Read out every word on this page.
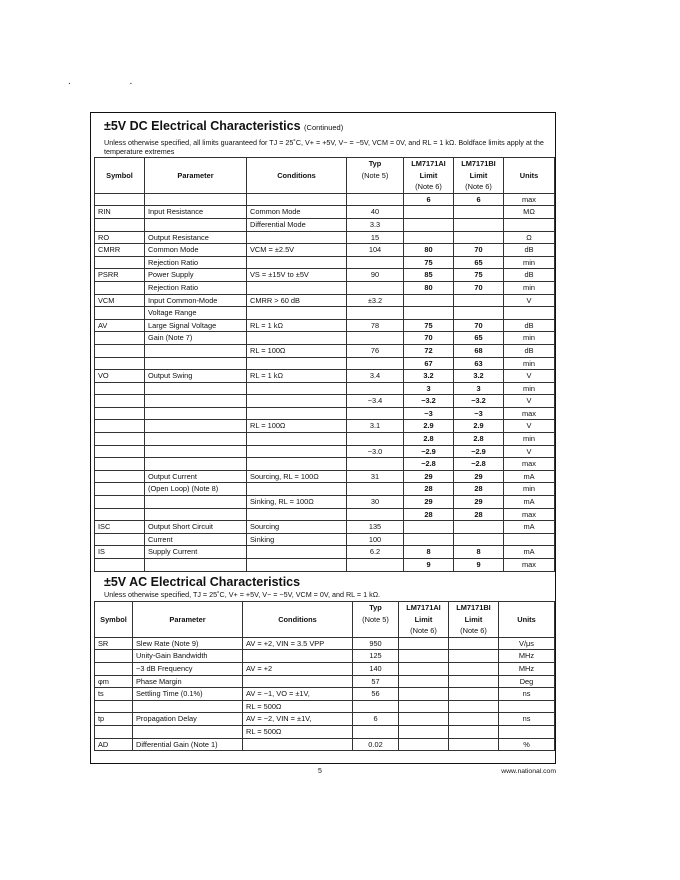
. .
±5V DC Electrical Characteristics (Continued)
Unless otherwise specified, all limits guaranteed for TJ = 25˚C, V+ = +5V, V− = −5V, VCM = 0V, and RL = 1 kΩ. Boldface limits apply at the temperature extremes
			Typ	LM7171AI	LM7171BI	
Symbol	Parameter	Conditions	(Note 5)	Limit	Limit	Units
				(Note 6)	(Note 6)	
				6	6	max
RIN	Input Resistance	Common Mode	40			MΩ
		Differential Mode	3.3			
RO	Output Resistance		15			Ω
CMRR	Common Mode	VCM = ±2.5V	104	80	70	dB
	Rejection Ratio			75	65	min
PSRR	Power Supply	VS = ±15V to ±5V	90	85	75	dB
	Rejection Ratio			80	70	min
VCM	Input Common-Mode	CMRR > 60 dB	±3.2			V
	Voltage Range					
AV	Large Signal Voltage	RL = 1 kΩ	78	75	70	dB
	Gain (Note 7)			70	65	min
		RL = 100Ω	76	72	68	dB
				67	63	min
VO	Output Swing	RL = 1 kΩ	3.4	3.2	3.2	V
				3	3	min
			−3.4	−3.2	−3.2	V
				−3	−3	max
		RL = 100Ω	3.1	2.9	2.9	V
				2.8	2.8	min
			−3.0	−2.9	−2.9	V
				−2.8	−2.8	max
	Output Current	Sourcing, RL = 100Ω	31	29	29	mA
	(Open Loop) (Note 8)			28	28	min
		Sinking, RL = 100Ω	30	29	29	mA
				28	28	max
ISC	Output Short Circuit	Sourcing	135			mA
	Current	Sinking	100			
IS	Supply Current		6.2	8	8	mA
				9	9	max
±5V AC Electrical Characteristics
Unless otherwise specified, TJ = 25˚C, V+ = +5V, V− = −5V, VCM = 0V, and RL = 1 kΩ.
			Typ	LM7171AI	LM7171BI	
Symbol	Parameter	Conditions	(Note 5)	Limit	Limit	Units
				(Note 6)	(Note 6)	
SR	Slew Rate (Note 9)	AV = +2, VIN = 3.5 VPP	950			V/μs
	Unity-Gain Bandwidth		125			MHz
	−3 dB Frequency	AV = +2	140			MHz
φm	Phase Margin		57			Deg
ts	Settling Time (0.1%)	AV = −1, VO = ±1V,	56			ns
		RL = 500Ω				
tp	Propagation Delay	AV = −2, VIN = ±1V,	6			ns
		RL = 500Ω				
AD	Differential Gain (Note 1)		0.02			%
5	www.national.com
